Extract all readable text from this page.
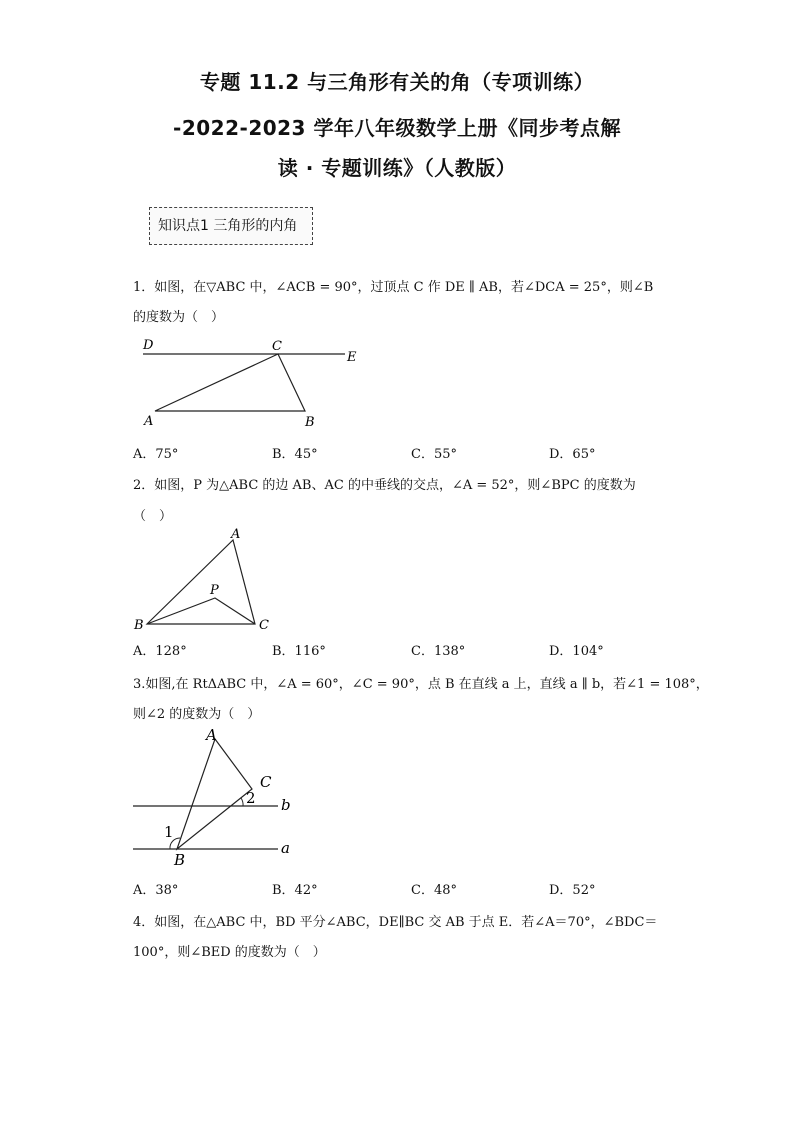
专题 11.2 与三角形有关的角（专项训练）
-2022-2023 学年八年级数学上册《同步考点解
读 · 专题训练》（人教版）
知识点1 三角形的内角
1．如图，在▽ABC 中，∠ACB = 90°，过顶点 C 作 DE ∥ AB，若∠DCA = 25°，则∠B
的度数为（　）
D	C
E
A	B
A．75°	B．45°	C．55°	D．65°
2．如图，P 为△ABC 的边 AB、AC 的中垂线的交点，∠A = 52°，则∠BPC 的度数为
（　）
A
P
B	C
A．128°	B．116°	C．138°	D．104°
3.如图,在 RtΔABC 中，∠A = 60°，∠C = 90°，点 B 在直线 a 上，直线 a ∥ b，若∠1 = 108°，
则∠2 的度数为（　）
A
C
2 b
1
B
a
A．38°	B．42°	C．48°	D．52°
4．如图，在△ABC 中，BD 平分∠ABC，DE∥BC 交 AB 于点 E．若∠A＝70°，∠BDC＝
100°，则∠BED 的度数为（　）
